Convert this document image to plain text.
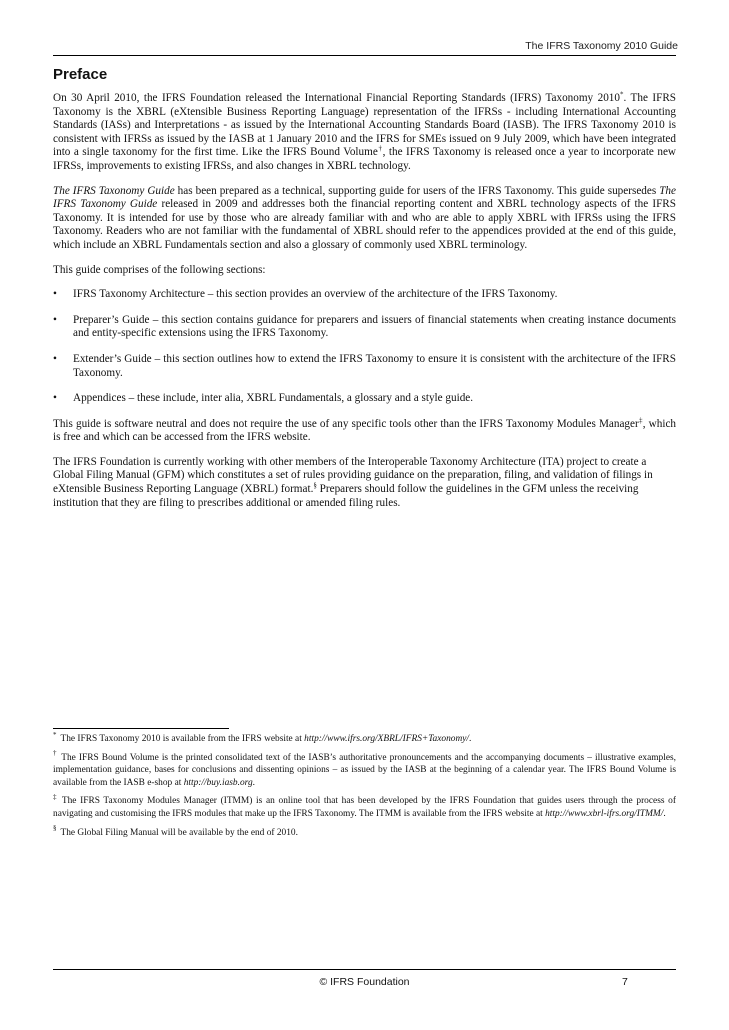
The IFRS Taxonomy 2010 Guide
Preface

On 30 April 2010, the IFRS Foundation released the International Financial Reporting Standards (IFRS) Taxonomy 2010*. The IFRS Taxonomy is the XBRL (eXtensible Business Reporting Language) representation of the IFRSs - including International Accounting Standards (IASs) and Interpretations - as issued by the International Accounting Standards Board (IASB). The IFRS Taxonomy 2010 is consistent with IFRSs as issued by the IASB at 1 January 2010 and the IFRS for SMEs issued on 9 July 2009, which have been integrated into a single taxonomy for the first time. Like the IFRS Bound Volume†, the IFRS Taxonomy is released once a year to incorporate new IFRSs, improvements to existing IFRSs, and also changes in XBRL technology.

The IFRS Taxonomy Guide has been prepared as a technical, supporting guide for users of the IFRS Taxonomy. This guide supersedes The IFRS Taxonomy Guide released in 2009 and addresses both the financial reporting content and XBRL technology aspects of the IFRS Taxonomy. It is intended for use by those who are already familiar with and who are able to apply XBRL with IFRSs using the IFRS Taxonomy. Readers who are not familiar with the fundamental of XBRL should refer to the appendices provided at the end of this guide, which include an XBRL Fundamentals section and also a glossary of commonly used XBRL terminology.

This guide comprises of the following sections:

• IFRS Taxonomy Architecture – this section provides an overview of the architecture of the IFRS Taxonomy.
• Preparer’s Guide – this section contains guidance for preparers and issuers of financial statements when creating instance documents and entity-specific extensions using the IFRS Taxonomy.
• Extender’s Guide – this section outlines how to extend the IFRS Taxonomy to ensure it is consistent with the architecture of the IFRS Taxonomy.
• Appendices – these include, inter alia, XBRL Fundamentals, a glossary and a style guide.

This guide is software neutral and does not require the use of any specific tools other than the IFRS Taxonomy Modules Manager‡, which is free and which can be accessed from the IFRS website.

The IFRS Foundation is currently working with other members of the Interoperable Taxonomy Architecture (ITA) project to create a Global Filing Manual (GFM) which constitutes a set of rules providing guidance on the preparation, filing, and validation of filings in eXtensible Business Reporting Language (XBRL) format.§ Preparers should follow the guidelines in the GFM unless the receiving institution that they are filing to prescribes additional or amended filing rules.

* The IFRS Taxonomy 2010 is available from the IFRS website at http://www.ifrs.org/XBRL/IFRS+Taxonomy/.

† The IFRS Bound Volume is the printed consolidated text of the IASB’s authoritative pronouncements and the accompanying documents – illustrative examples, implementation guidance, bases for conclusions and dissenting opinions – as issued by the IASB at the beginning of a calendar year. The IFRS Bound Volume is available from the IASB e-shop at http://buy.iasb.org.

‡ The IFRS Taxonomy Modules Manager (ITMM) is an online tool that has been developed by the IFRS Foundation that guides users through the process of navigating and customising the IFRS modules that make up the IFRS Taxonomy. The ITMM is available from the IFRS website at http://www.xbrl-ifrs.org/ITMM/.

§ The Global Filing Manual will be available by the end of 2010.

© IFRS Foundation	7
